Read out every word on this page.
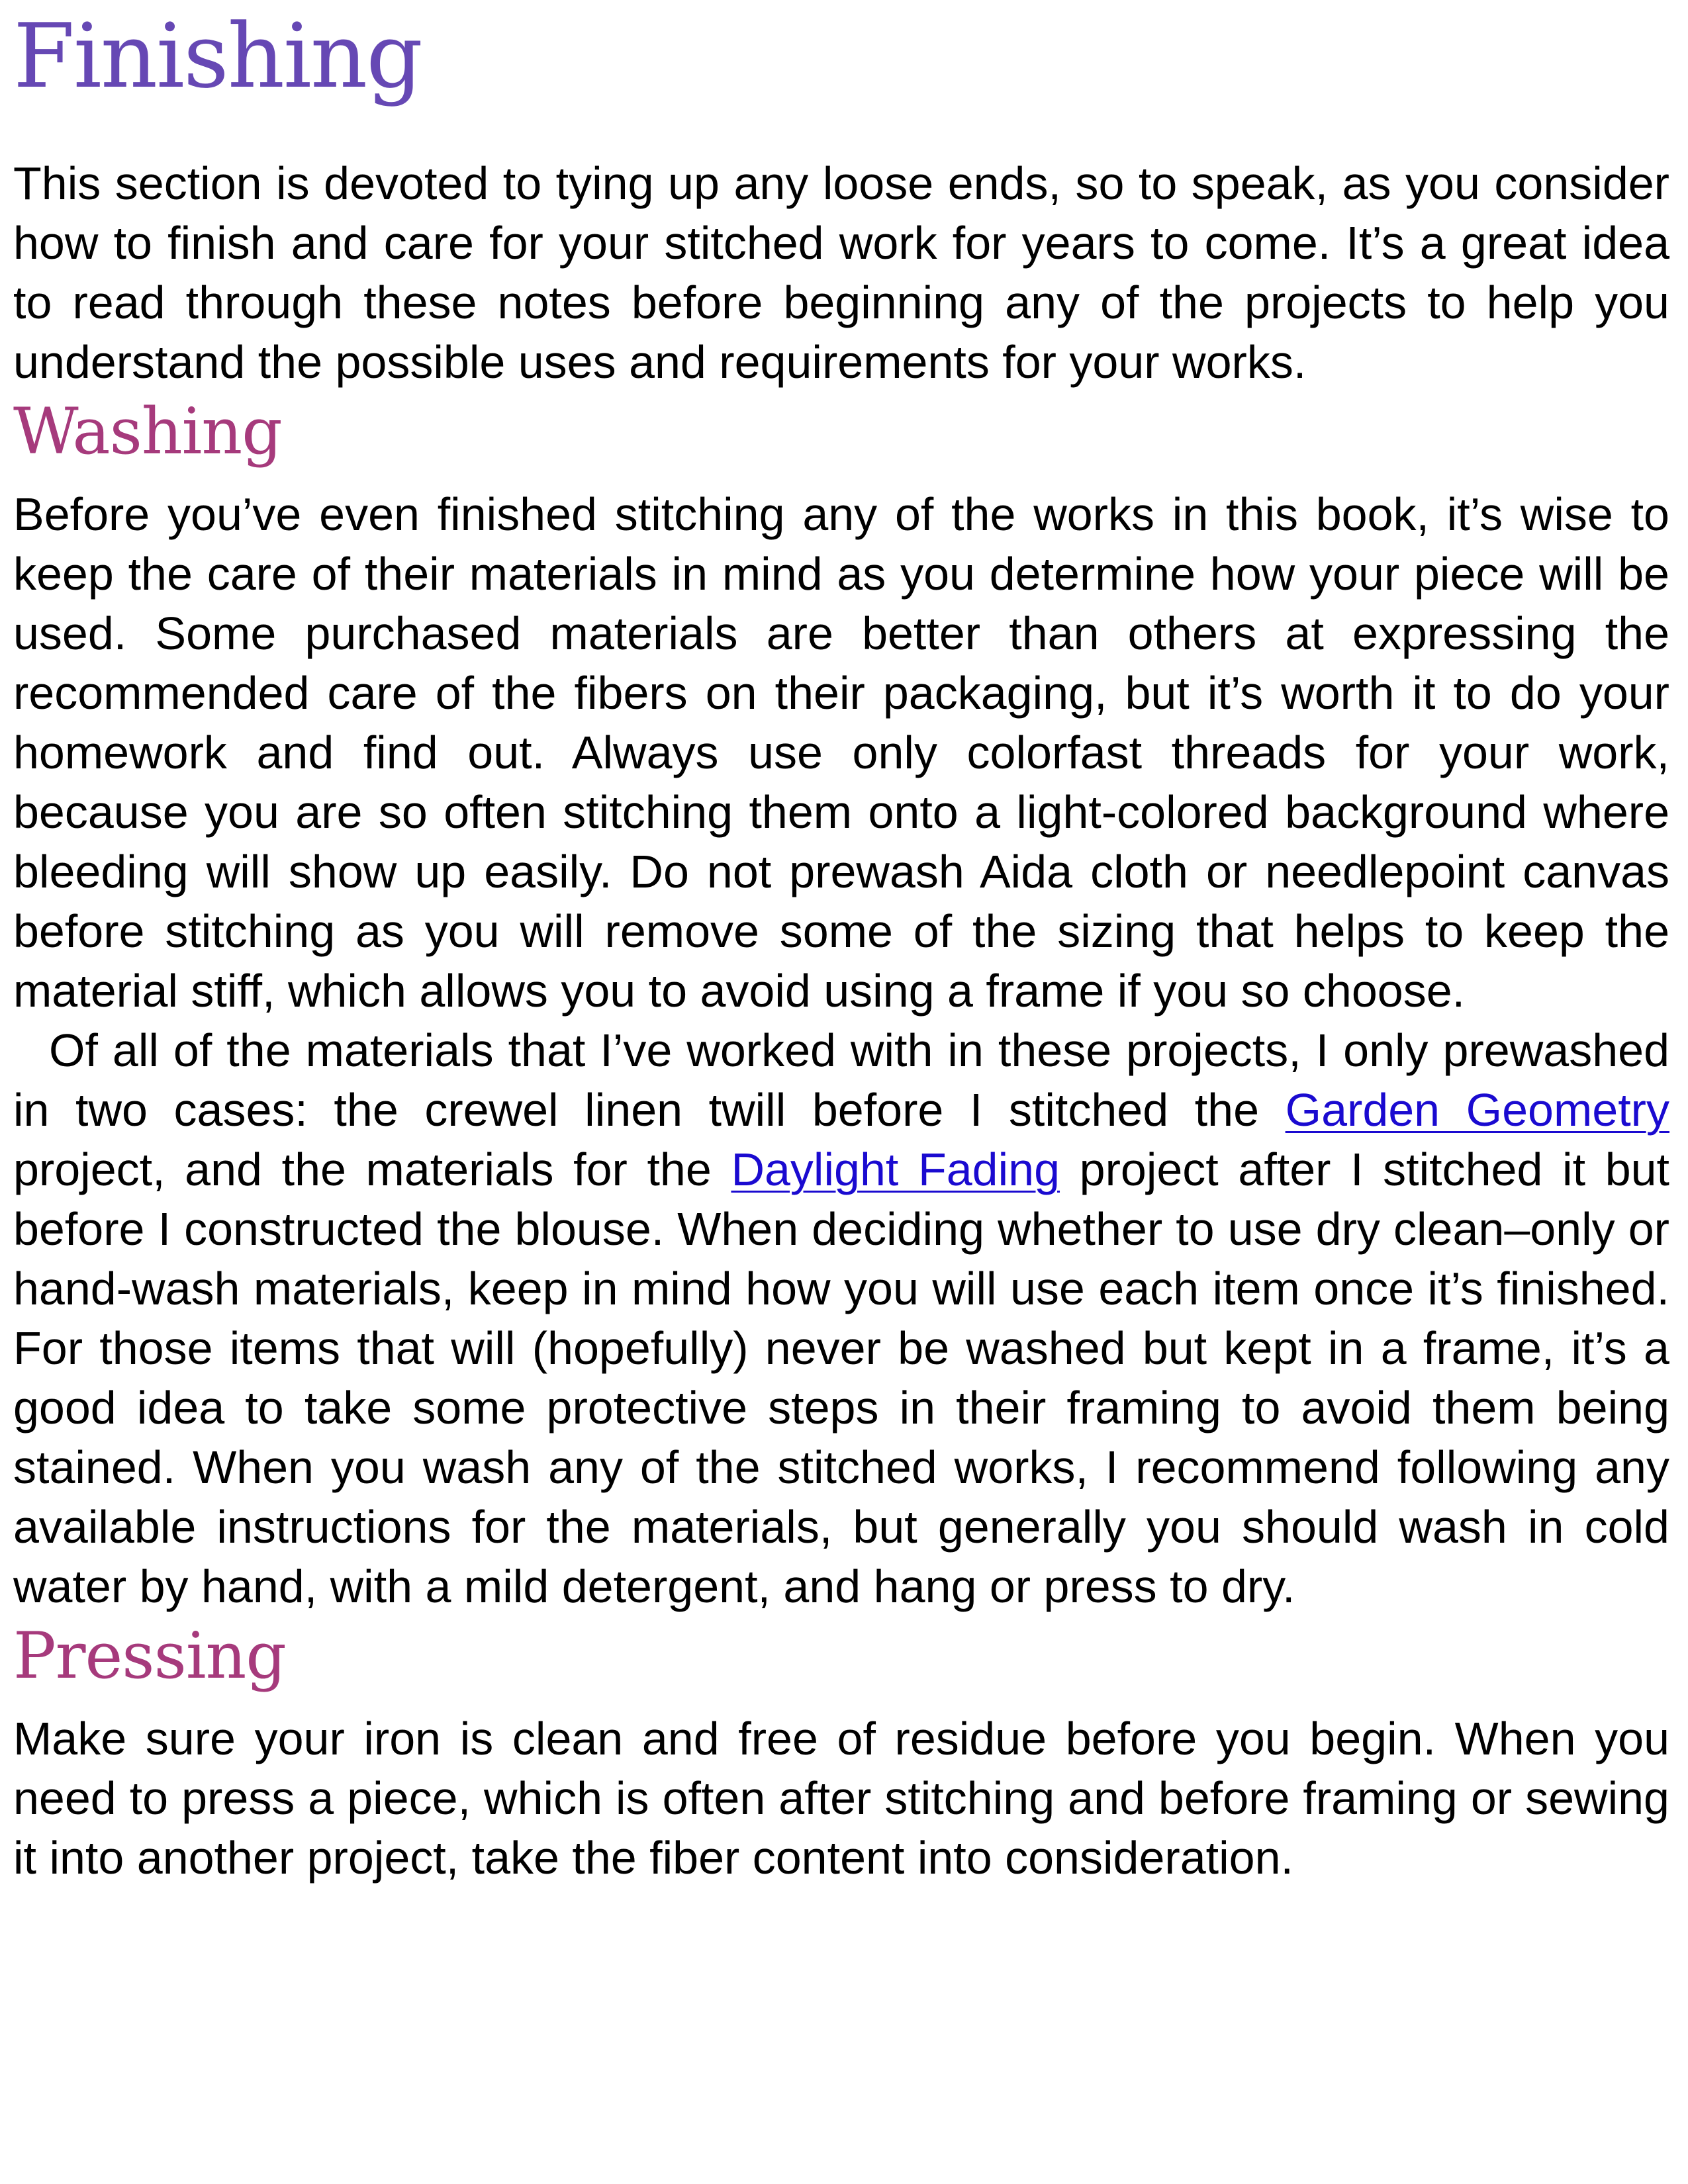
Finishing

This section is devoted to tying up any loose ends, so to speak, as you consider how to finish and care for your stitched work for years to come. It’s a great idea to read through these notes before beginning any of the projects to help you understand the possible uses and requirements for your works.

Washing

Before you’ve even finished stitching any of the works in this book, it’s wise to keep the care of their materials in mind as you determine how your piece will be used. Some purchased materials are better than others at expressing the recommended care of the fibers on their packaging, but it’s worth it to do your homework and find out. Always use only colorfast threads for your work, because you are so often stitching them onto a light-colored background where bleeding will show up easily. Do not prewash Aida cloth or needlepoint canvas before stitching as you will remove some of the sizing that helps to keep the material stiff, which allows you to avoid using a frame if you so choose.

Of all of the materials that I’ve worked with in these projects, I only prewashed in two cases: the crewel linen twill before I stitched the Garden Geometry project, and the materials for the Daylight Fading project after I stitched it but before I constructed the blouse. When deciding whether to use dry clean–only or hand-wash materials, keep in mind how you will use each item once it’s finished. For those items that will (hopefully) never be washed but kept in a frame, it’s a good idea to take some protective steps in their framing to avoid them being stained. When you wash any of the stitched works, I recommend following any available instructions for the materials, but generally you should wash in cold water by hand, with a mild detergent, and hang or press to dry.

Pressing

Make sure your iron is clean and free of residue before you begin. When you need to press a piece, which is often after stitching and before framing or sewing it into another project, take the fiber content into consideration.
